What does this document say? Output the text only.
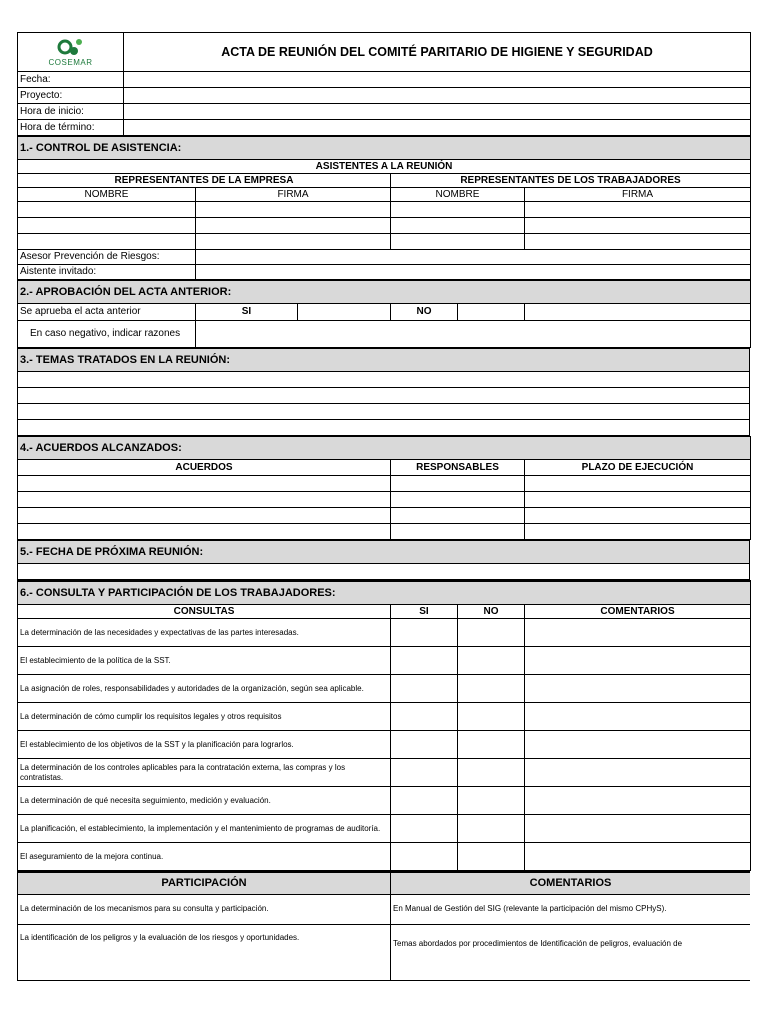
COSEMAR	ACTA DE REUNIÓN DEL COMITÉ PARITARIO DE HIGIENE Y SEGURIDAD
Fecha:	
Proyecto:	
Hora de inicio:	
Hora de término:	
1.- CONTROL DE ASISTENCIA:			
ASISTENTES A LA REUNIÓN			
REPRESENTANTES DE LA EMPRESA		REPRESENTANTES DE LOS TRABAJADORES	
NOMBRE	FIRMA	NOMBRE	FIRMA

Asesor Prevención de Riesgos:			
Aistente invitado:			
2.- APROBACIÓN DEL ACTA ANTERIOR:					
Se aprueba el acta anterior	SI		NO		
En caso negativo, indicar razones					
3.- TEMAS TRATADOS EN LA REUNIÓN:

4.- ACUERDOS ALCANZADOS:		
ACUERDOS	RESPONSABLES	PLAZO DE EJECUCIÓN

5.- FECHA DE PRÓXIMA REUNIÓN:

6.- CONSULTA Y PARTICIPACIÓN DE LOS TRABAJADORES:			
CONSULTAS	SI	NO	COMENTARIOS
La determinación de las necesidades y expectativas de las partes interesadas.			
El establecimiento de la política de la SST.			
La asignación de roles, responsabilidades y autoridades de la organización, según sea aplicable.			
La determinación de cómo cumplir los requisitos legales y otros requisitos			
El establecimiento de los objetivos de la SST y la planificación para lograrlos.			
La determinación de los controles aplicables para la contratación externa, las compras y los contratistas.			
La determinación de qué necesita seguimiento, medición y evaluación.			
La planificación, el establecimiento, la implementación y el mantenimiento de programas de auditoría.			
El aseguramiento de la mejora continua.			
PARTICIPACIÓN	COMENTARIOS
La determinación de los mecanismos para su consulta y participación.	En Manual de Gestión del SIG (relevante la participación del mismo CPHyS).
La identificación de los peligros y la evaluación de los riesgos y oportunidades.	Temas abordados por procedimientos de Identificación de peligros, evaluación de
